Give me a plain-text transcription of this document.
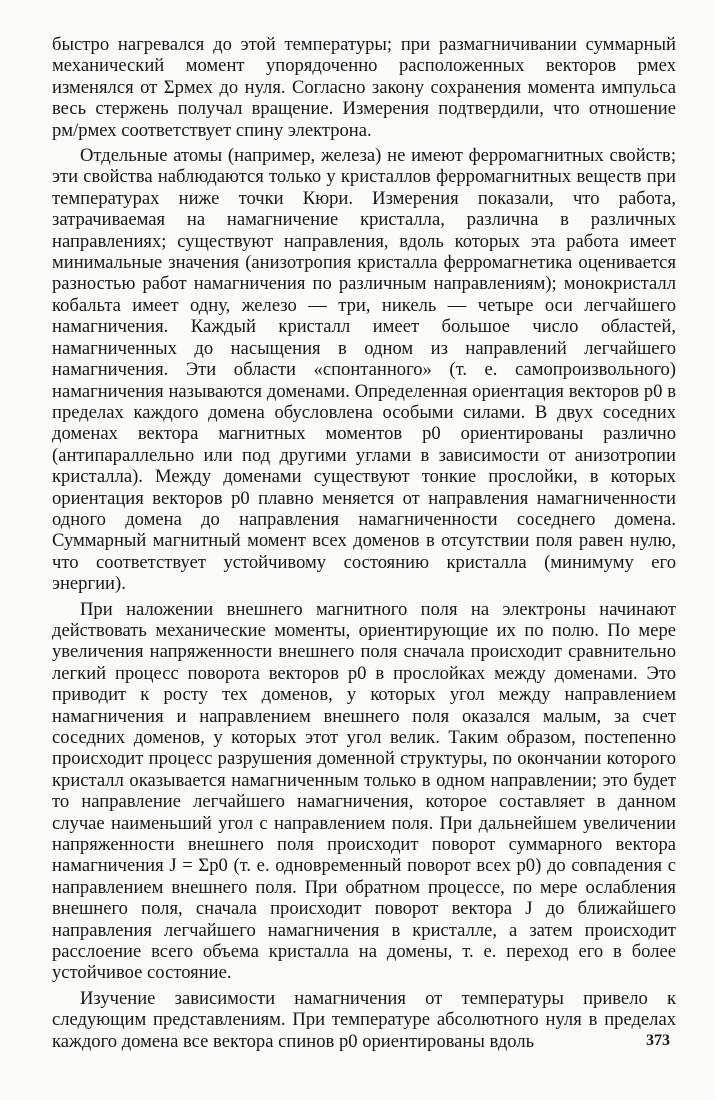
быстро нагревался до этой температуры; при размагничивании суммарный механический момент упорядоченно расположенных векторов pмех изменялся от Σpмех до нуля. Согласно закону сохранения момента импульса весь стержень получал вращение. Измерения подтвердили, что отношение pм/pмех соответствует спину электрона.

Отдельные атомы (например, железа) не имеют ферромагнитных свойств; эти свойства наблюдаются только у кристаллов ферромагнитных веществ при температурах ниже точки Кюри. Измерения показали, что работа, затрачиваемая на намагничение кристалла, различна в различных направлениях; существуют направления, вдоль которых эта работа имеет минимальные значения (анизотропия кристалла ферромагнетика оценивается разностью работ намагничения по различным направлениям); монокристалл кобальта имеет одну, железо — три, никель — четыре оси легчайшего намагничения. Каждый кристалл имеет большое число областей, намагниченных до насыщения в одном из направлений легчайшего намагничения. Эти области «спонтанного» (т. е. самопроизвольного) намагничения называются доменами. Определенная ориентация векторов p0 в пределах каждого домена обусловлена особыми силами. В двух соседних доменах вектора магнитных моментов p0 ориентированы различно (антипараллельно или под другими углами в зависимости от анизотропии кристалла). Между доменами существуют тонкие прослойки, в которых ориентация векторов p0 плавно меняется от направления намагниченности одного домена до направления намагниченности соседнего домена. Суммарный магнитный момент всех доменов в отсутствии поля равен нулю, что соответствует устойчивому состоянию кристалла (минимуму его энергии).

При наложении внешнего магнитного поля на электроны начинают действовать механические моменты, ориентирующие их по полю. По мере увеличения напряженности внешнего поля сначала происходит сравнительно легкий процесс поворота векторов p0 в прослойках между доменами. Это приводит к росту тех доменов, у которых угол между направлением намагничения и направлением внешнего поля оказался малым, за счет соседних доменов, у которых этот угол велик. Таким образом, постепенно происходит процесс разрушения доменной структуры, по окончании которого кристалл оказывается намагниченным только в одном направлении; это будет то направление легчайшего намагничения, которое составляет в данном случае наименьший угол с направлением поля. При дальнейшем увеличении напряженности внешнего поля происходит поворот суммарного вектора намагничения J = Σp0 (т. е. одновременный поворот всех p0) до совпадения с направлением внешнего поля. При обратном процессе, по мере ослабления внешнего поля, сначала происходит поворот вектора J до ближайшего направления легчайшего намагничения в кристалле, а затем происходит расслоение всего объема кристалла на домены, т. е. переход его в более устойчивое состояние.

Изучение зависимости намагничения от температуры привело к следующим представлениям. При температуре абсолютного нуля в пределах каждого домена все вектора спинов p0 ориентированы вдоль	373
